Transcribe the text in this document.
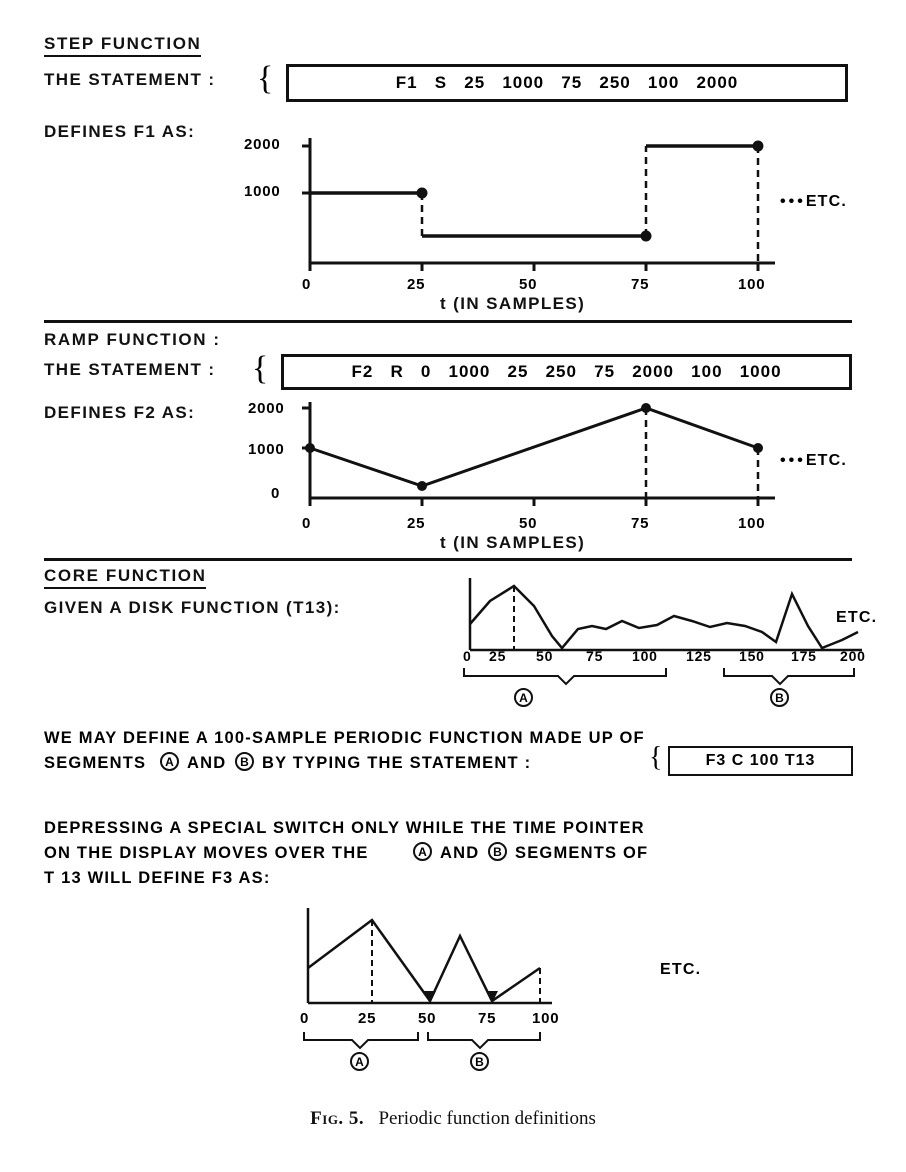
STEP FUNCTION
THE STATEMENT : {	F1   S   25   1000   75   250   100   2000
DEFINES F1 AS:
2000
1000
0	25	50	75	100
t (IN SAMPLES)
•••ETC.
RAMP FUNCTION :
THE STATEMENT : {	F2   R   0   1000   25   250   75   2000   100   1000
DEFINES F2 AS:	2000
1000
0
0	25	50	75	100
t (IN SAMPLES)
•••ETC.
CORE FUNCTION
GIVEN A DISK FUNCTION (T13):
0 25 50 75 100 125 150 175 200
A	B
ETC.
WE MAY DEFINE A 100-SAMPLE PERIODIC FUNCTION MADE UP OF
SEGMENTS	A AND	B BY TYPING THE STATEMENT :	{	F3 C 100 T13
DEPRESSING A SPECIAL SWITCH ONLY WHILE THE TIME POINTER
ON THE DISPLAY MOVES OVER THE	A AND	B SEGMENTS OF
T 13 WILL DEFINE F3 AS:
0	25	50	75 100
A	B
ETC.
Fig. 5. Periodic function definitions
